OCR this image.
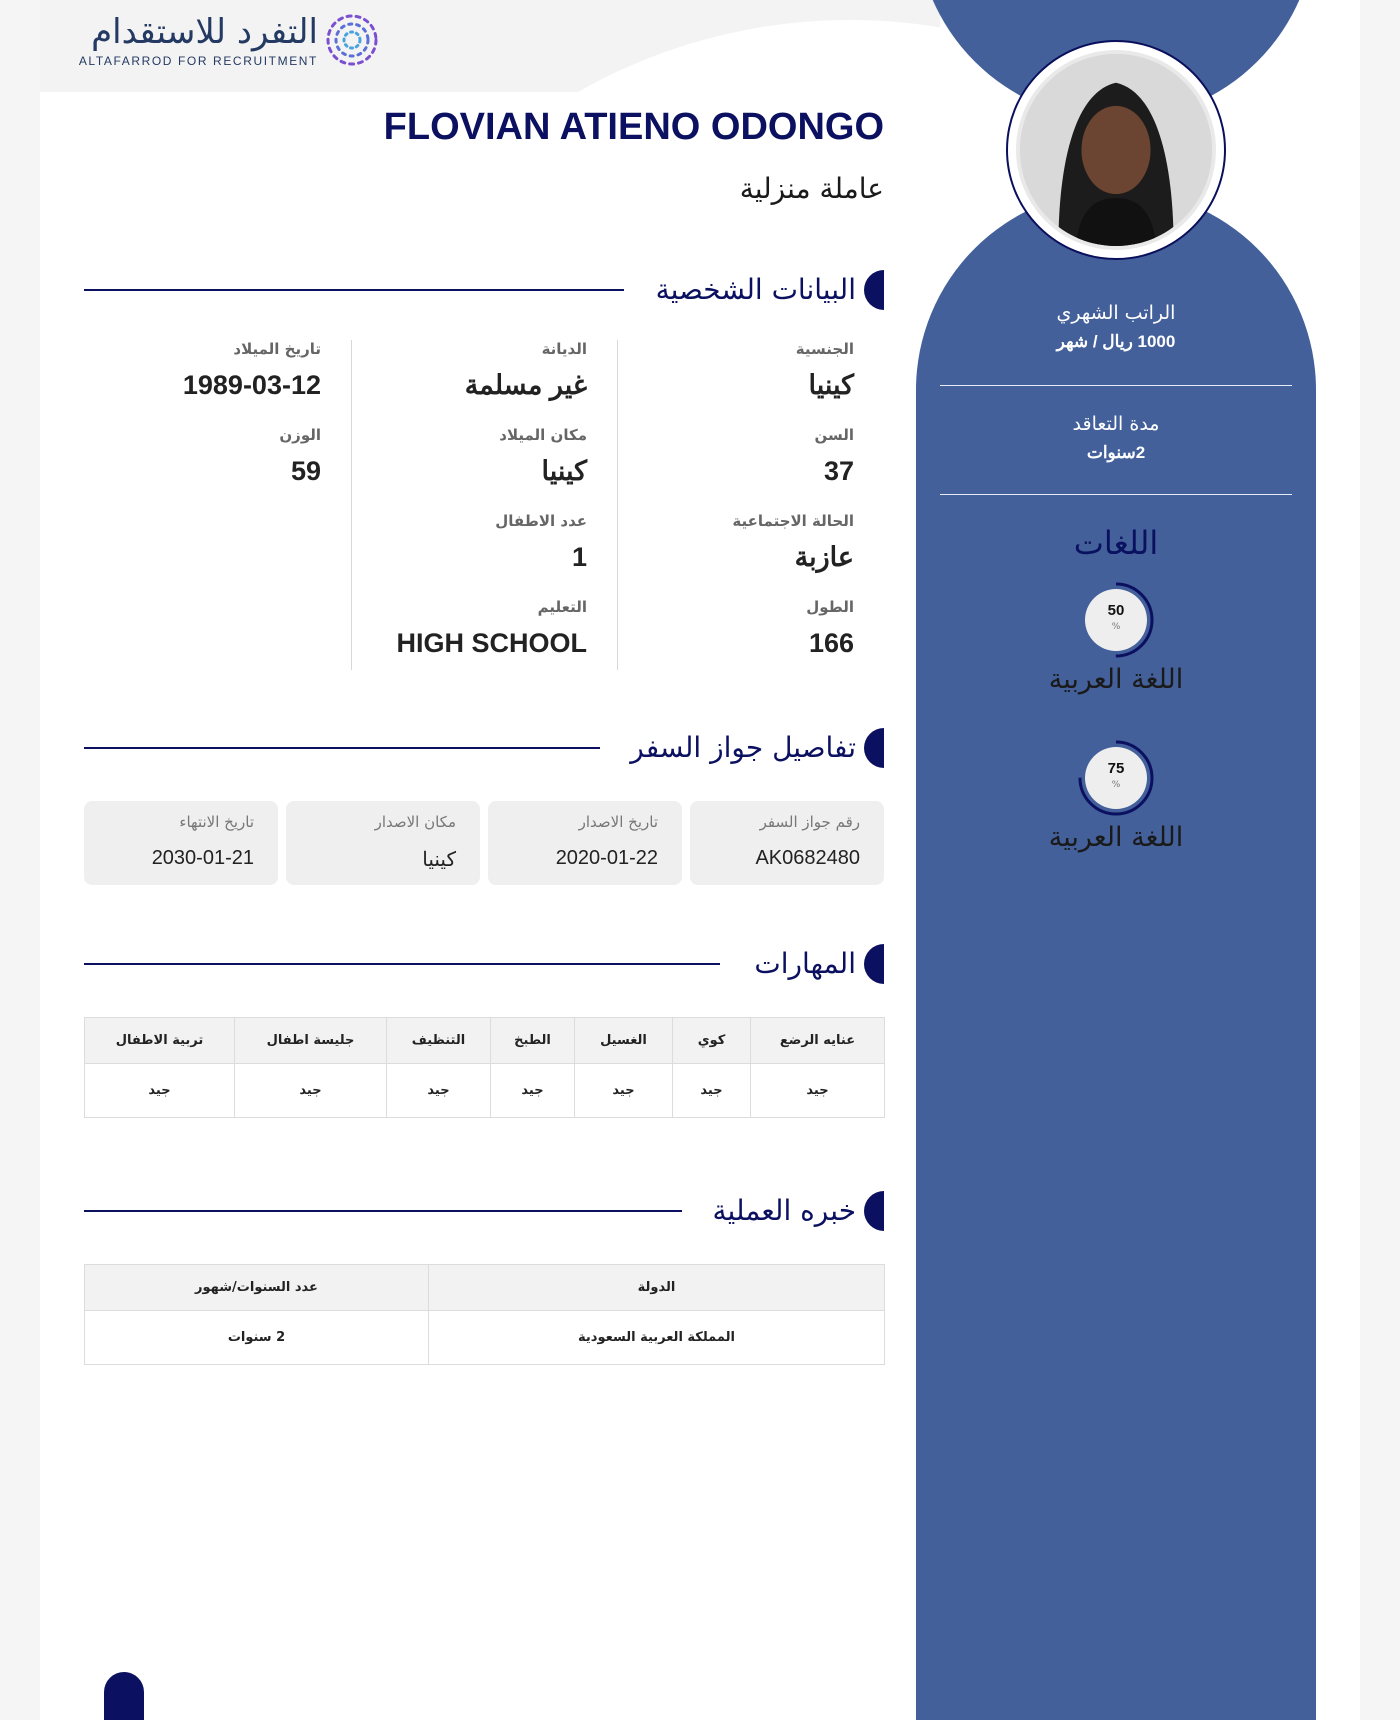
التفرد للاستقدام
ALTAFARROD FOR RECRUITMENT
FLOVIAN ATIENO ODONGO
عاملة منزلية
البيانات الشخصية
الجنسية
كينيا
السن
37
الحالة الاجتماعية
عازبة
الطول
166
الديانة
غير مسلمة
مكان الميلاد
كينيا
عدد الاطفال
1
التعليم
HIGH SCHOOL
تاريخ الميلاد
1989-03-12
الوزن
59
تفاصيل جواز السفر
رقم جواز السفر
AK0682480
تاريخ الاصدار
2020-01-22
مكان الاصدار
كينيا
تاريخ الانتهاء
2030-01-21
المهارات
عنايه الرضع	كوي	الغسيل	الطبخ	التنظيف	جليسة اطفال	تربية الاطفال
جيد	جيد	جيد	جيد	جيد	جيد	جيد
خبره العملية
الدولة	عدد السنوات/شهور
المملكة العربية السعودية	2 سنوات
الراتب الشهري
1000 ريال / شهر
مدة التعاقد
2سنوات
اللغات
50
%
اللغة العربية
75
%
اللغة العربية
